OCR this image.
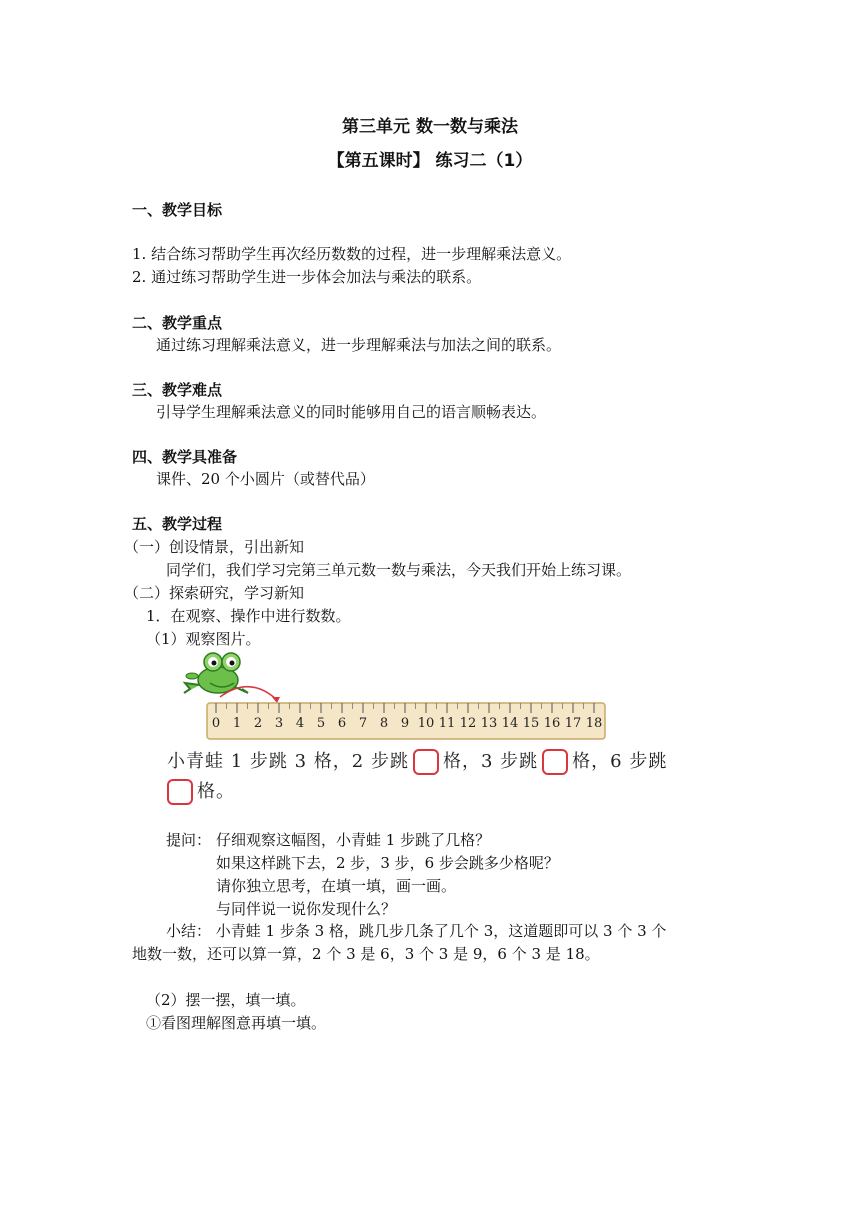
第三单元 数一数与乘法
【第五课时】 练习二（1）
一、教学目标
1. 结合练习帮助学生再次经历数数的过程，进一步理解乘法意义。
2. 通过练习帮助学生进一步体会加法与乘法的联系。
二、教学重点
通过练习理解乘法意义，进一步理解乘法与加法之间的联系。
三、教学难点
引导学生理解乘法意义的同时能够用自己的语言顺畅表达。
四、教学具准备
课件、20 个小圆片（或替代品）
五、教学过程
（一）创设情景，引出新知
同学们，我们学习完第三单元数一数与乘法，今天我们开始上练习课。
（二）探索研究，学习新知
1．在观察、操作中进行数数。
（1）观察图片。
0 1 2 3 4 5 6 7 8 9 10 11 12 13 14 15 16 17 18
小青蛙 1 步跳 3 格，2 步跳 格，3 步跳 格，6 步跳
格。
提问： 仔细观察这幅图，小青蛙 1 步跳了几格？
如果这样跳下去，2 步，3 步，6 步会跳多少格呢？
请你独立思考，在填一填，画一画。
与同伴说一说你发现什么？
小结： 小青蛙 1 步条 3 格，跳几步几条了几个 3，这道题即可以 3 个 3 个
地数一数，还可以算一算，2 个 3 是 6，3 个 3 是 9，6 个 3 是 18。
（2）摆一摆，填一填。
①看图理解图意再填一填。
